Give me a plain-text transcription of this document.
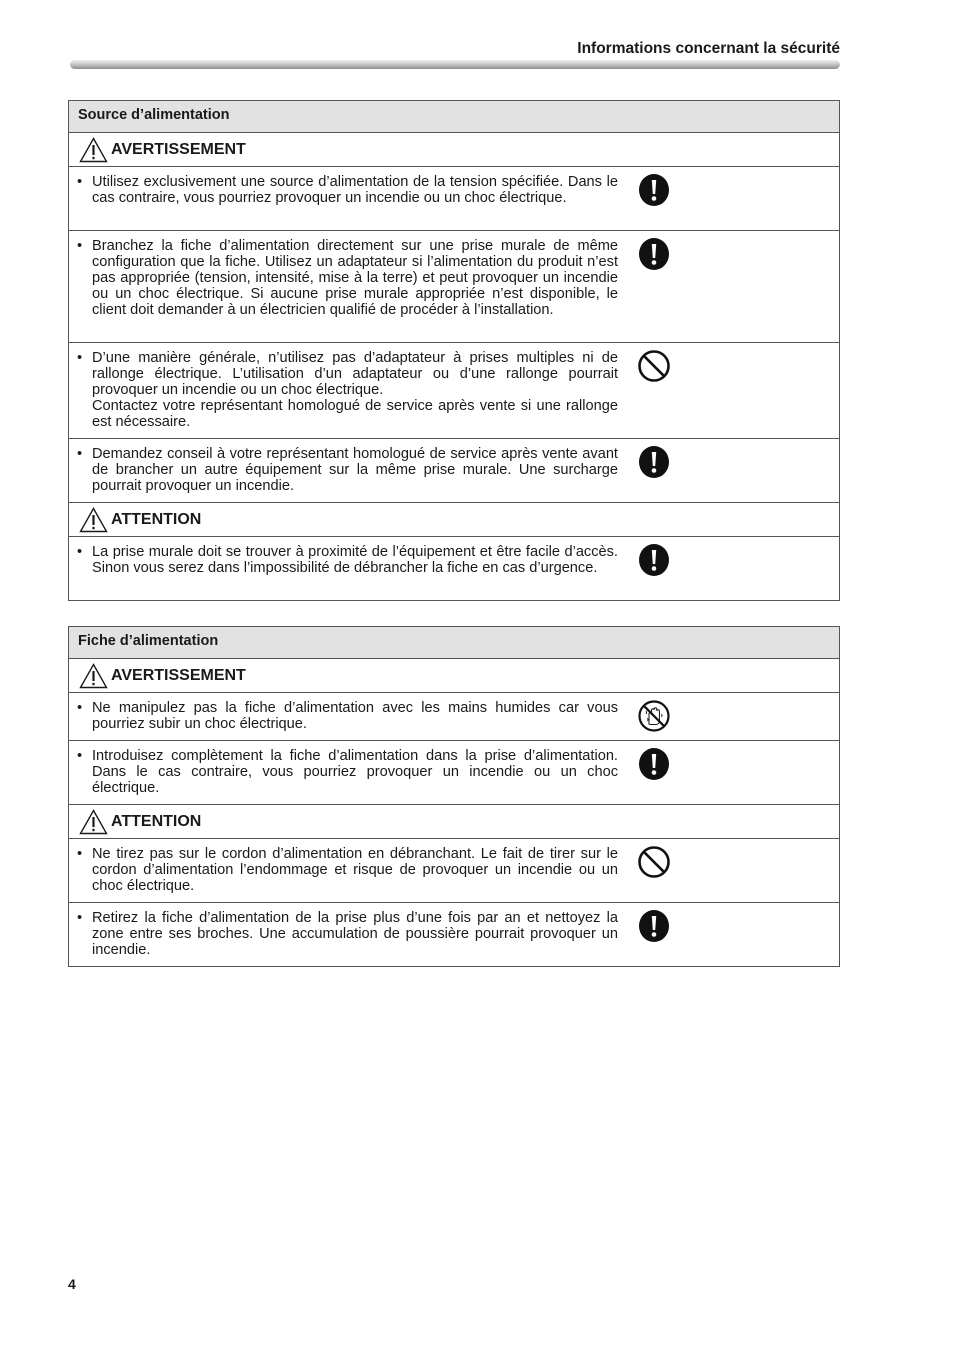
Informations concernant la sécurité
Source d’alimentation
AVERTISSEMENT
• Utilisez exclusivement une source d’alimentation de la tension spécifiée. Dans le cas contraire, vous pourriez provoquer un incendie ou un choc électrique.
• Branchez la fiche d’alimentation directement sur une prise murale de même configuration que la fiche. Utilisez un adaptateur si l’alimentation du produit n’est pas appropriée (tension, intensité, mise à la terre) et peut provoquer un incendie ou un choc électrique. Si aucune prise murale appropriée n’est disponible, le client doit demander à un électricien qualifié de procéder à l’installation.
• D’une manière générale, n’utilisez pas d’adaptateur à prises multiples ni de rallonge électrique. L’utilisation d’un adaptateur ou d’une rallonge pourrait provoquer un incendie ou un choc électrique.
Contactez votre représentant homologué de service après vente si une rallonge est nécessaire.
• Demandez conseil à votre représentant homologué de service après vente avant de brancher un autre équipement sur la même prise murale. Une surcharge pourrait provoquer un incendie.
ATTENTION
• La prise murale doit se trouver à proximité de l’équipement et être facile d’accès. Sinon vous serez dans l’impossibilité de débrancher la fiche en cas d’urgence.
Fiche d’alimentation
AVERTISSEMENT
• Ne manipulez pas la fiche d’alimentation avec les mains humides car vous pourriez subir un choc électrique.
• Introduisez complètement la fiche d’alimentation dans la prise d’alimentation. Dans le cas contraire, vous pourriez provoquer un incendie ou un choc électrique.
ATTENTION
• Ne tirez pas sur le cordon d’alimentation en débranchant. Le fait de tirer sur le cordon d’alimentation l’endommage et risque de provoquer un incendie ou un choc électrique.
• Retirez la fiche d’alimentation de la prise plus d’une fois par an et nettoyez la zone entre ses broches. Une accumulation de poussière pourrait provoquer un incendie.
4
